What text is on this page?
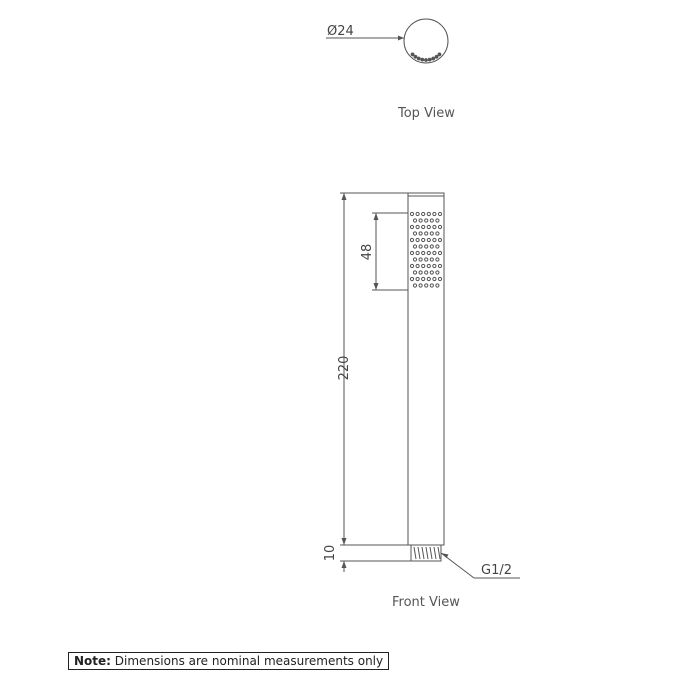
Ø24
Top View
48
220
10
G1/2
Front View
Note: Dimensions are nominal measurements only
